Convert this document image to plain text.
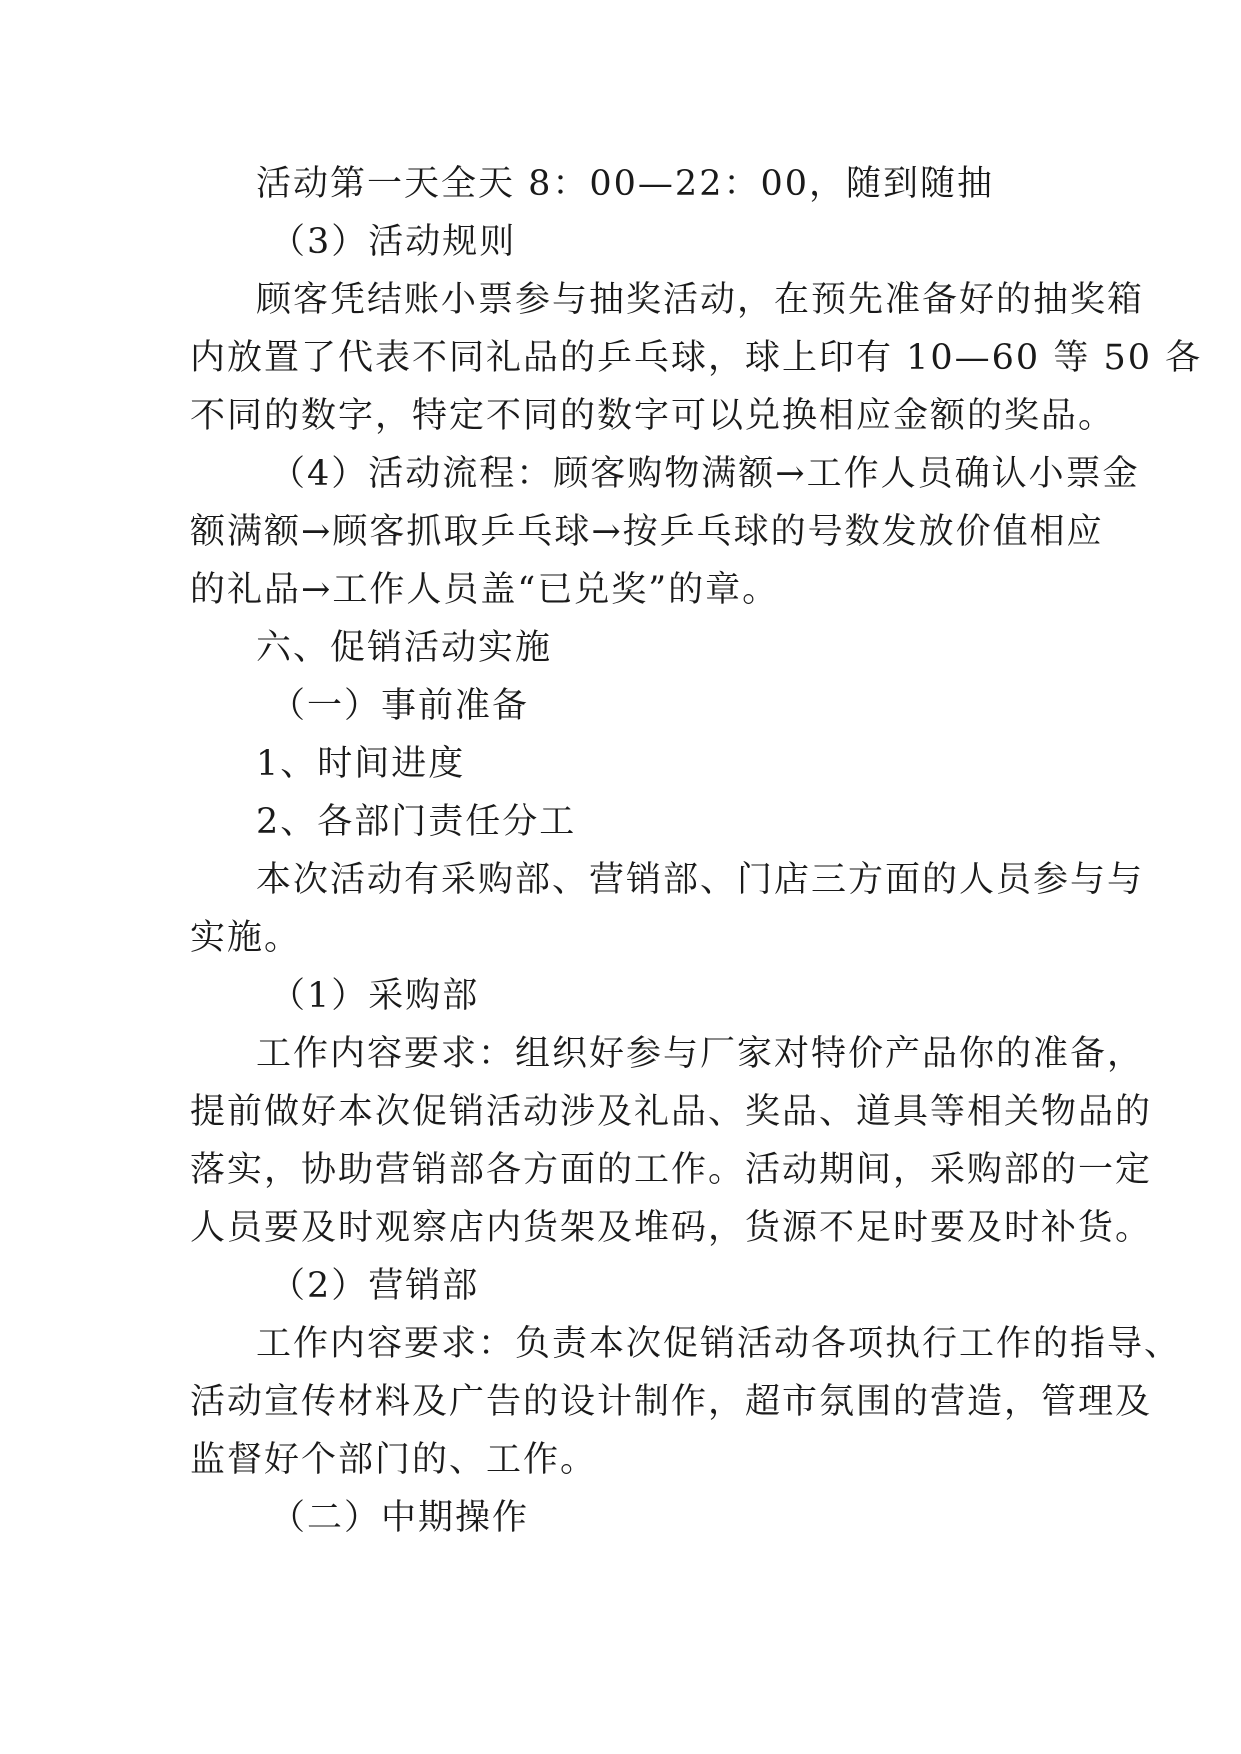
活动第一天全天 8：00—22：00，随到随抽
（3）活动规则
顾客凭结账小票参与抽奖活动，在预先准备好的抽奖箱
内放置了代表不同礼品的乒乓球，球上印有 10—60 等 50 各
不同的数字，特定不同的数字可以兑换相应金额的奖品。
（4）活动流程：顾客购物满额→工作人员确认小票金
额满额→顾客抓取乒乓球→按乒乓球的号数发放价值相应
的礼品→工作人员盖“已兑奖”的章。
六、促销活动实施
（一）事前准备
1、时间进度
2、各部门责任分工
本次活动有采购部、营销部、门店三方面的人员参与与
实施。
（1）采购部
工作内容要求：组织好参与厂家对特价产品你的准备，
提前做好本次促销活动涉及礼品、奖品、道具等相关物品的
落实，协助营销部各方面的工作。活动期间，采购部的一定
人员要及时观察店内货架及堆码，货源不足时要及时补货。
（2）营销部
工作内容要求：负责本次促销活动各项执行工作的指导、
活动宣传材料及广告的设计制作，超市氛围的营造，管理及
监督好个部门的、工作。
（二）中期操作
